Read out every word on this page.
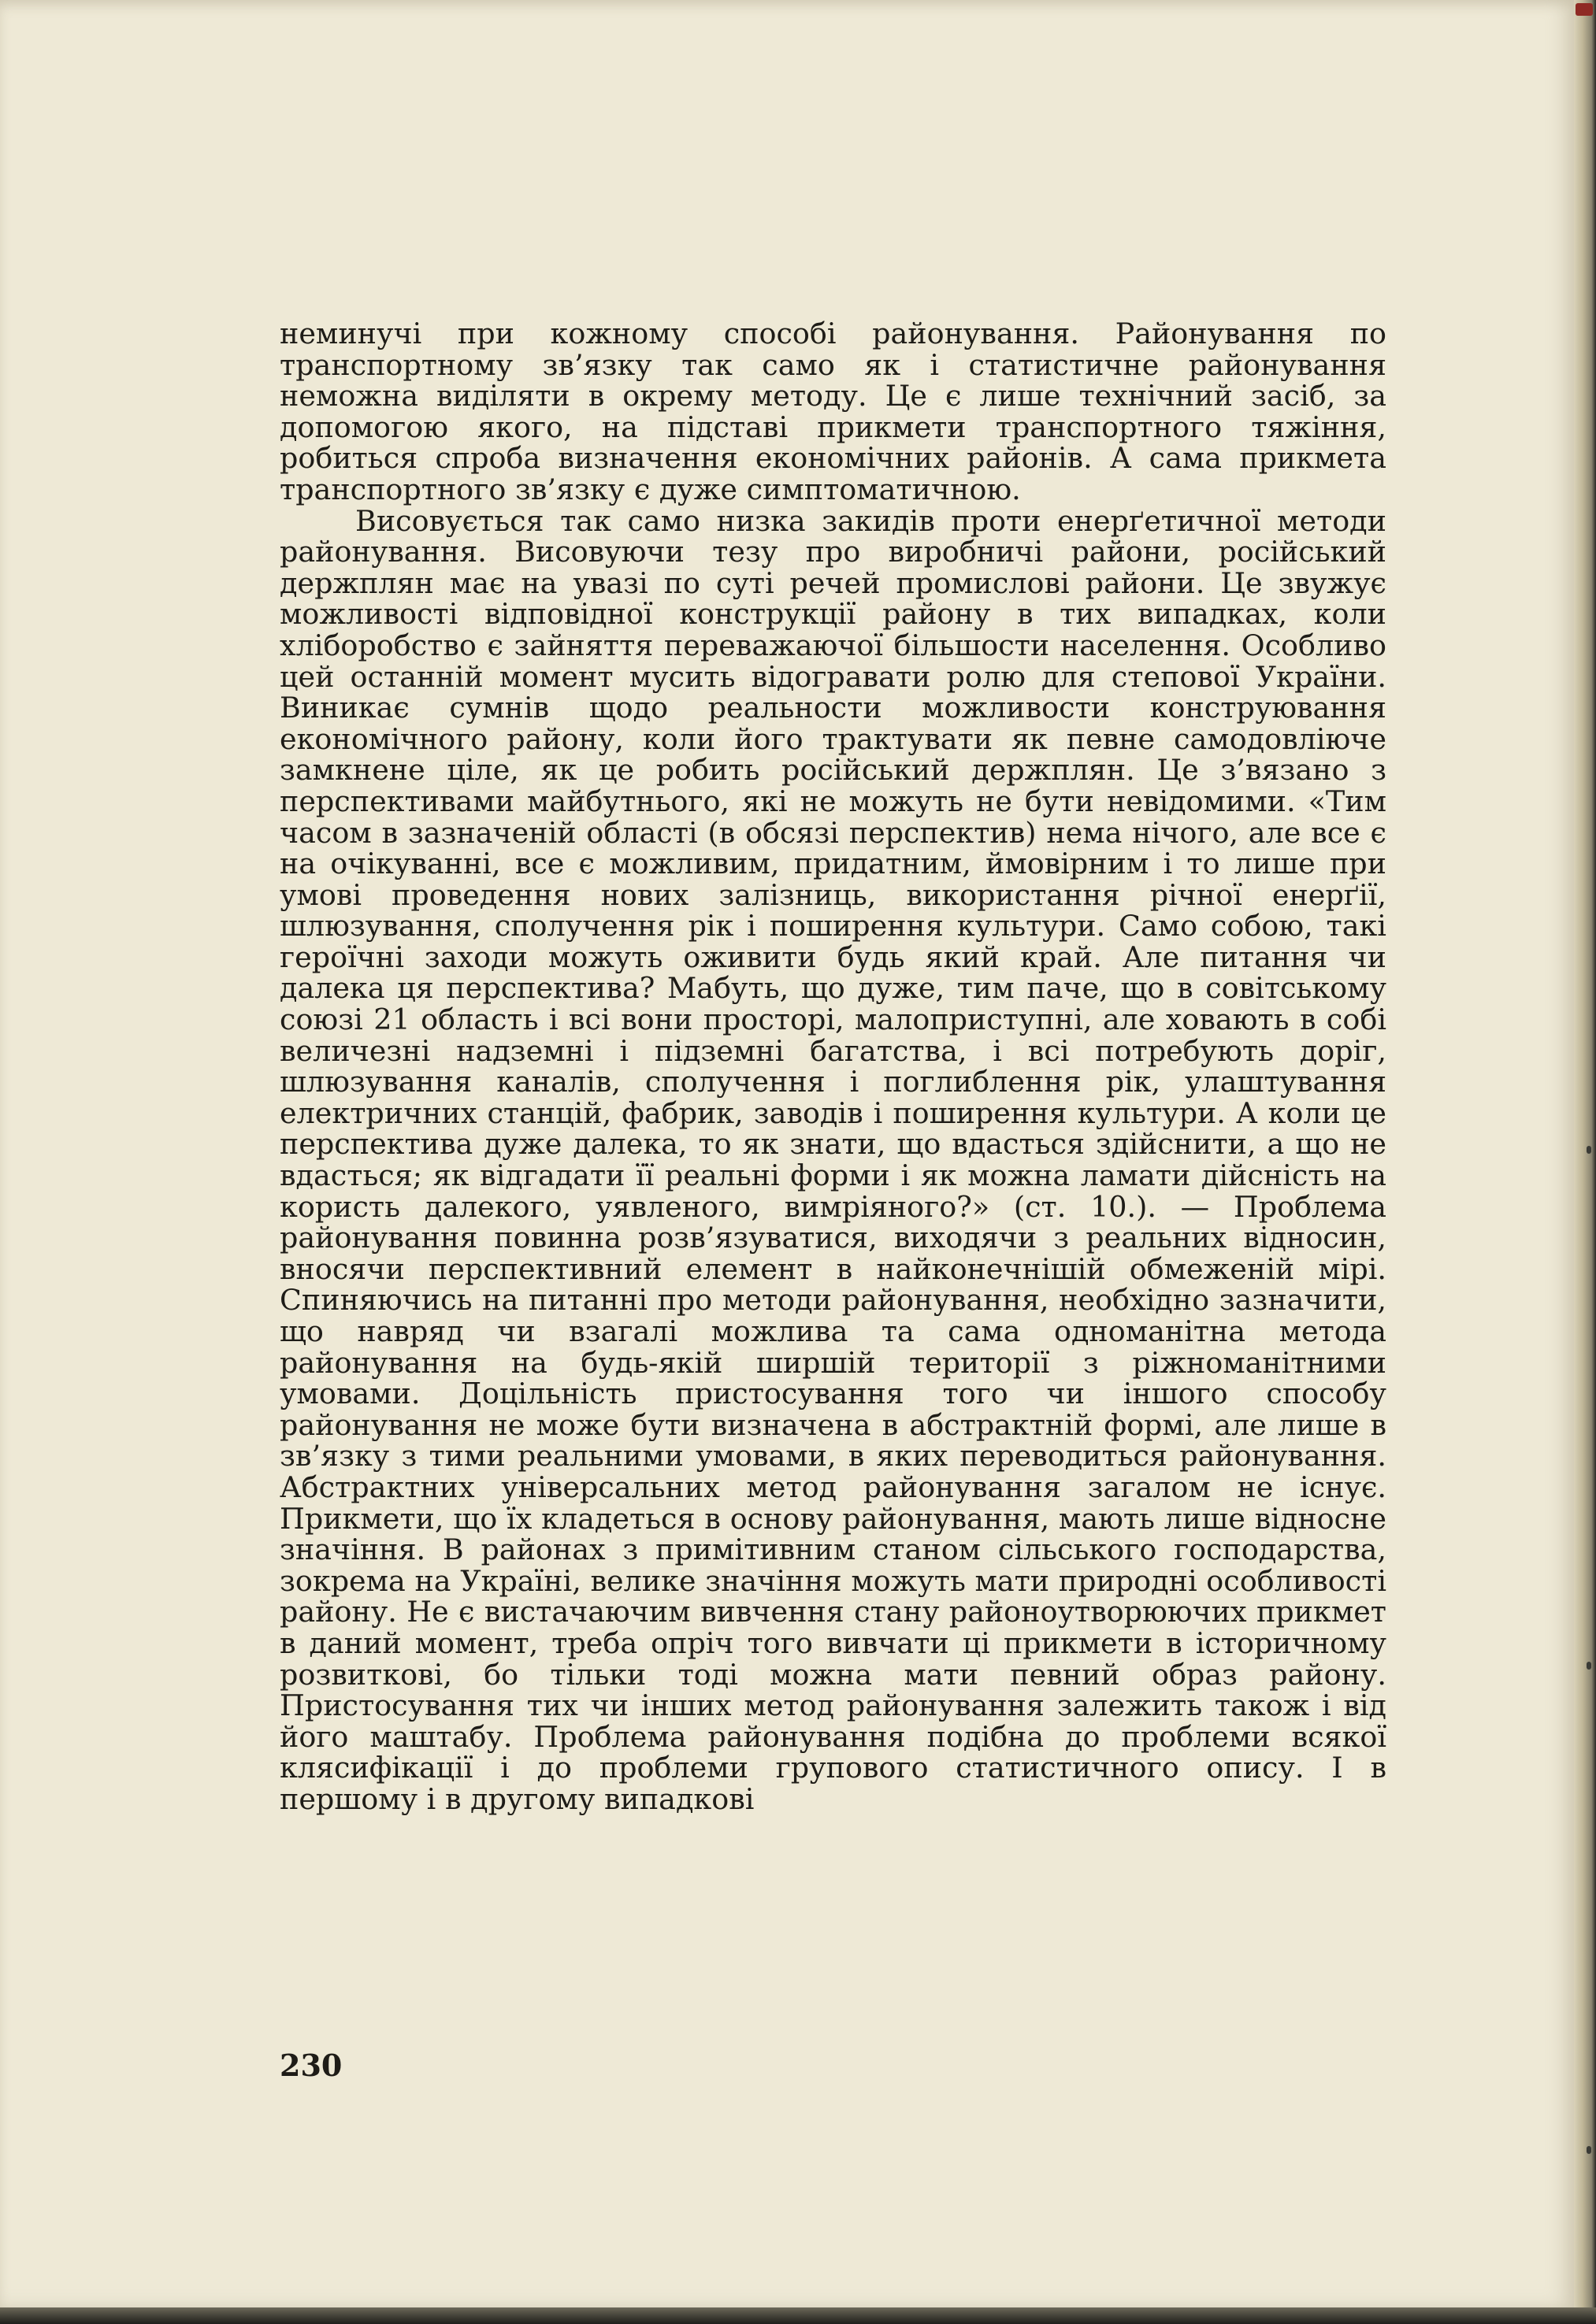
неминучі при кожному способі районування. Районування по транспортному зв’язку так само як і статистичне районування неможна виділяти в окрему методу. Це є лише технічний засіб, за допомогою якого, на підставі прикмети транспортного тяжіння, робиться спроба визначення економічних районів. А сама прикмета транспортного зв’язку є дуже симптоматичною.

Висовується так само низка закидів проти енерґетичної методи районування. Висовуючи тезу про виробничі райони, російський держплян має на увазі по суті речей промислові райони. Це звужує можливості відповідної конструкції району в тих випадках, коли хліборобство є зайняття переважаючої більшости населення. Особливо цей останній момент мусить відогравати ролю для степової України. Виникає сумнів щодо реальности можливости конструювання економічного району, коли його трактувати як певне самодовліюче замкнене ціле, як це робить російський держплян. Це з’вязано з перспективами майбутнього, які не можуть не бути невідомими. «Тим часом в зазначеній області (в обсязі перспектив) нема нічого, але все є на очікуванні, все є можливим, придатним, ймовірним і то лише при умові проведення нових залізниць, використання річної енерґії, шлюзування, сполучення рік і поширення культури. Само собою, такі героїчні заходи можуть оживити будь який край. Але питання чи далека ця перспектива? Мабуть, що дуже, тим паче, що в совітському союзі 21 область і всі вони просторі, малоприступні, але ховають в собі величезні надземні і підземні багатства, і всі потребують доріг, шлюзування каналів, сполучення і поглиблення рік, улаштування електричних станцій, фабрик, заводів і поширення культури. А коли це перспектива дуже далека, то як знати, що вдасться здійснити, а що не вдасться; як відгадати її реальні форми і як можна ламати дійсність на користь далекого, уявленого, вимріяного?» (ст. 10.). — Проблема районування повинна розв’язуватися, виходячи з реальних відносин, вносячи перспективний елемент в найконечнішій обмеженій мірі. Спиняючись на питанні про методи районування, необхідно зазначити, що навряд чи взагалі можлива та сама одноманітна метода районування на будь-якій ширшій території з ріжноманітними умовами. Доцільність пристосування того чи іншого способу районування не може бути визначена в абстрактній формі, але лише в зв’язку з тими реальними умовами, в яких переводиться районування. Абстрактних універсальних метод районування загалом не існує. Прикмети, що їх кладеться в основу районування, мають лише відносне значіння. В районах з примітивним станом сільського господарства, зокрема на Україні, велике значіння можуть мати природні особливості району. Не є вистачаючим вивчення стану районоутворюючих прикмет в даний момент, треба опріч того вивчати ці прикмети в історичному розвиткові, бо тільки тоді можна мати певний образ району. Пристосування тих чи інших метод районування залежить також і від його маштабу. Проблема районування подібна до проблеми всякої клясифікації і до проблеми групового статистичного опису. І в першому і в другому випадкові

230
